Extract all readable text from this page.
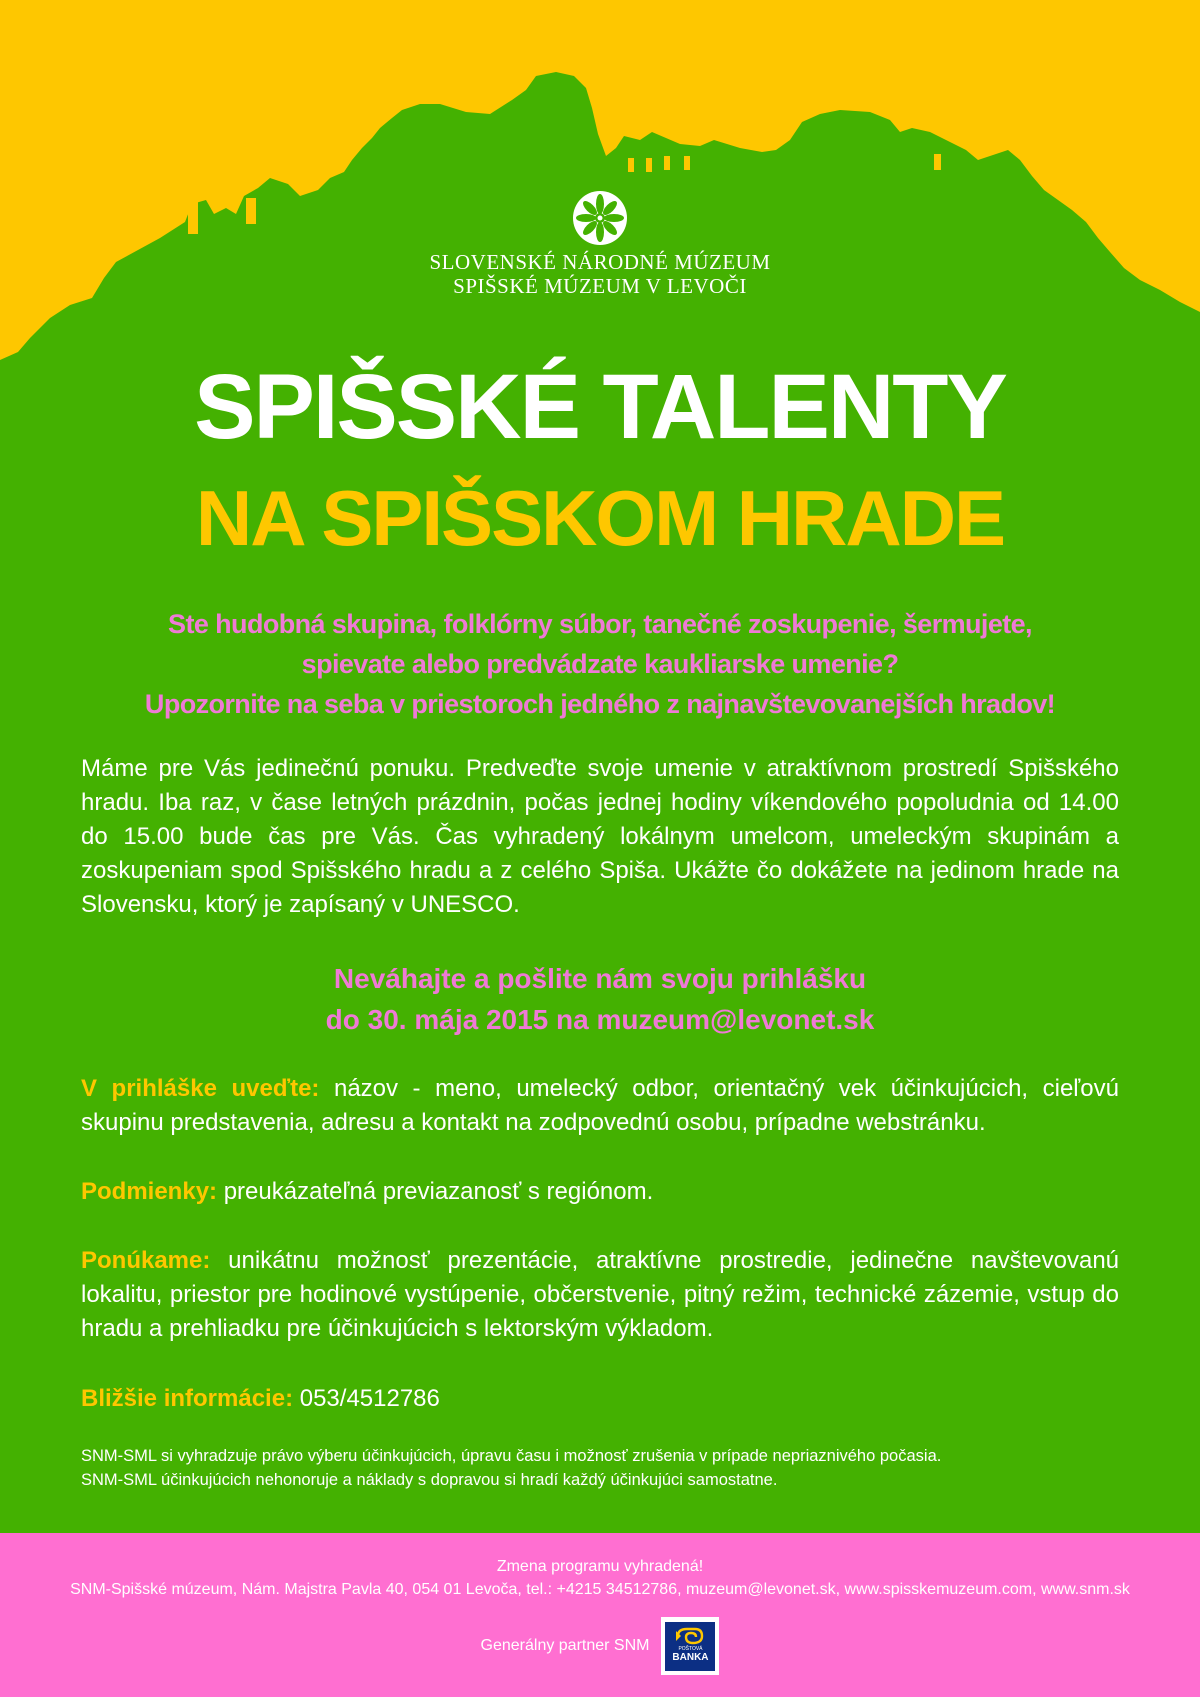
SLOVENSKÉ NÁRODNÉ MÚZEUM
SPIŠSKÉ MÚZEUM V LEVOČI
SPIŠSKÉ TALENTY
NA SPIŠSKOM HRADE
Ste hudobná skupina, folklórny súbor, tanečné zoskupenie, šermujete,
spievate alebo predvádzate kaukliarske umenie?
Upozornite na seba v priestoroch jedného z najnavštevovanejších hradov!
Máme pre Vás jedinečnú ponuku. Predveďte svoje umenie v atraktívnom prostredí Spišského hradu. Iba raz, v čase letných prázdnin, počas jednej hodiny víkendového popoludnia od 14.00 do 15.00 bude čas pre Vás. Čas vyhradený lokálnym umelcom, umeleckým skupinám a zoskupeniam spod Spišského hradu a z celého Spiša. Ukážte čo dokážete na jedinom hrade na Slovensku, ktorý je zapísaný v UNESCO.
Neváhajte a pošlite nám svoju prihlášku
do 30. mája 2015 na muzeum@levonet.sk
V prihláške uveďte: názov - meno, umelecký odbor, orientačný vek účinkujúcich, cieľovú skupinu predstavenia, adresu a kontakt na zodpovednú osobu, prípadne webstránku.
Podmienky: preukázateľná previazanosť s regiónom.
Ponúkame: unikátnu možnosť prezentácie, atraktívne prostredie, jedinečne navštevovanú lokalitu, priestor pre hodinové vystúpenie, občerstvenie, pitný režim, technické zázemie, vstup do hradu a prehliadku pre účinkujúcich s lektorským výkladom.
Bližšie informácie: 053/4512786
SNM-SML si vyhradzuje právo výberu účinkujúcich, úpravu času i možnosť zrušenia v prípade nepriaznivého počasia.
SNM-SML účinkujúcich nehonoruje a náklady s dopravou si hradí každý účinkujúci samostatne.
Zmena programu vyhradená!
SNM-Spišské múzeum, Nám. Majstra Pavla 40, 054 01 Levoča, tel.: +4215 34512786, muzeum@levonet.sk, www.spisskemuzeum.com, www.snm.sk
Generálny partner SNM	POŠTOVÁ
BANKA
